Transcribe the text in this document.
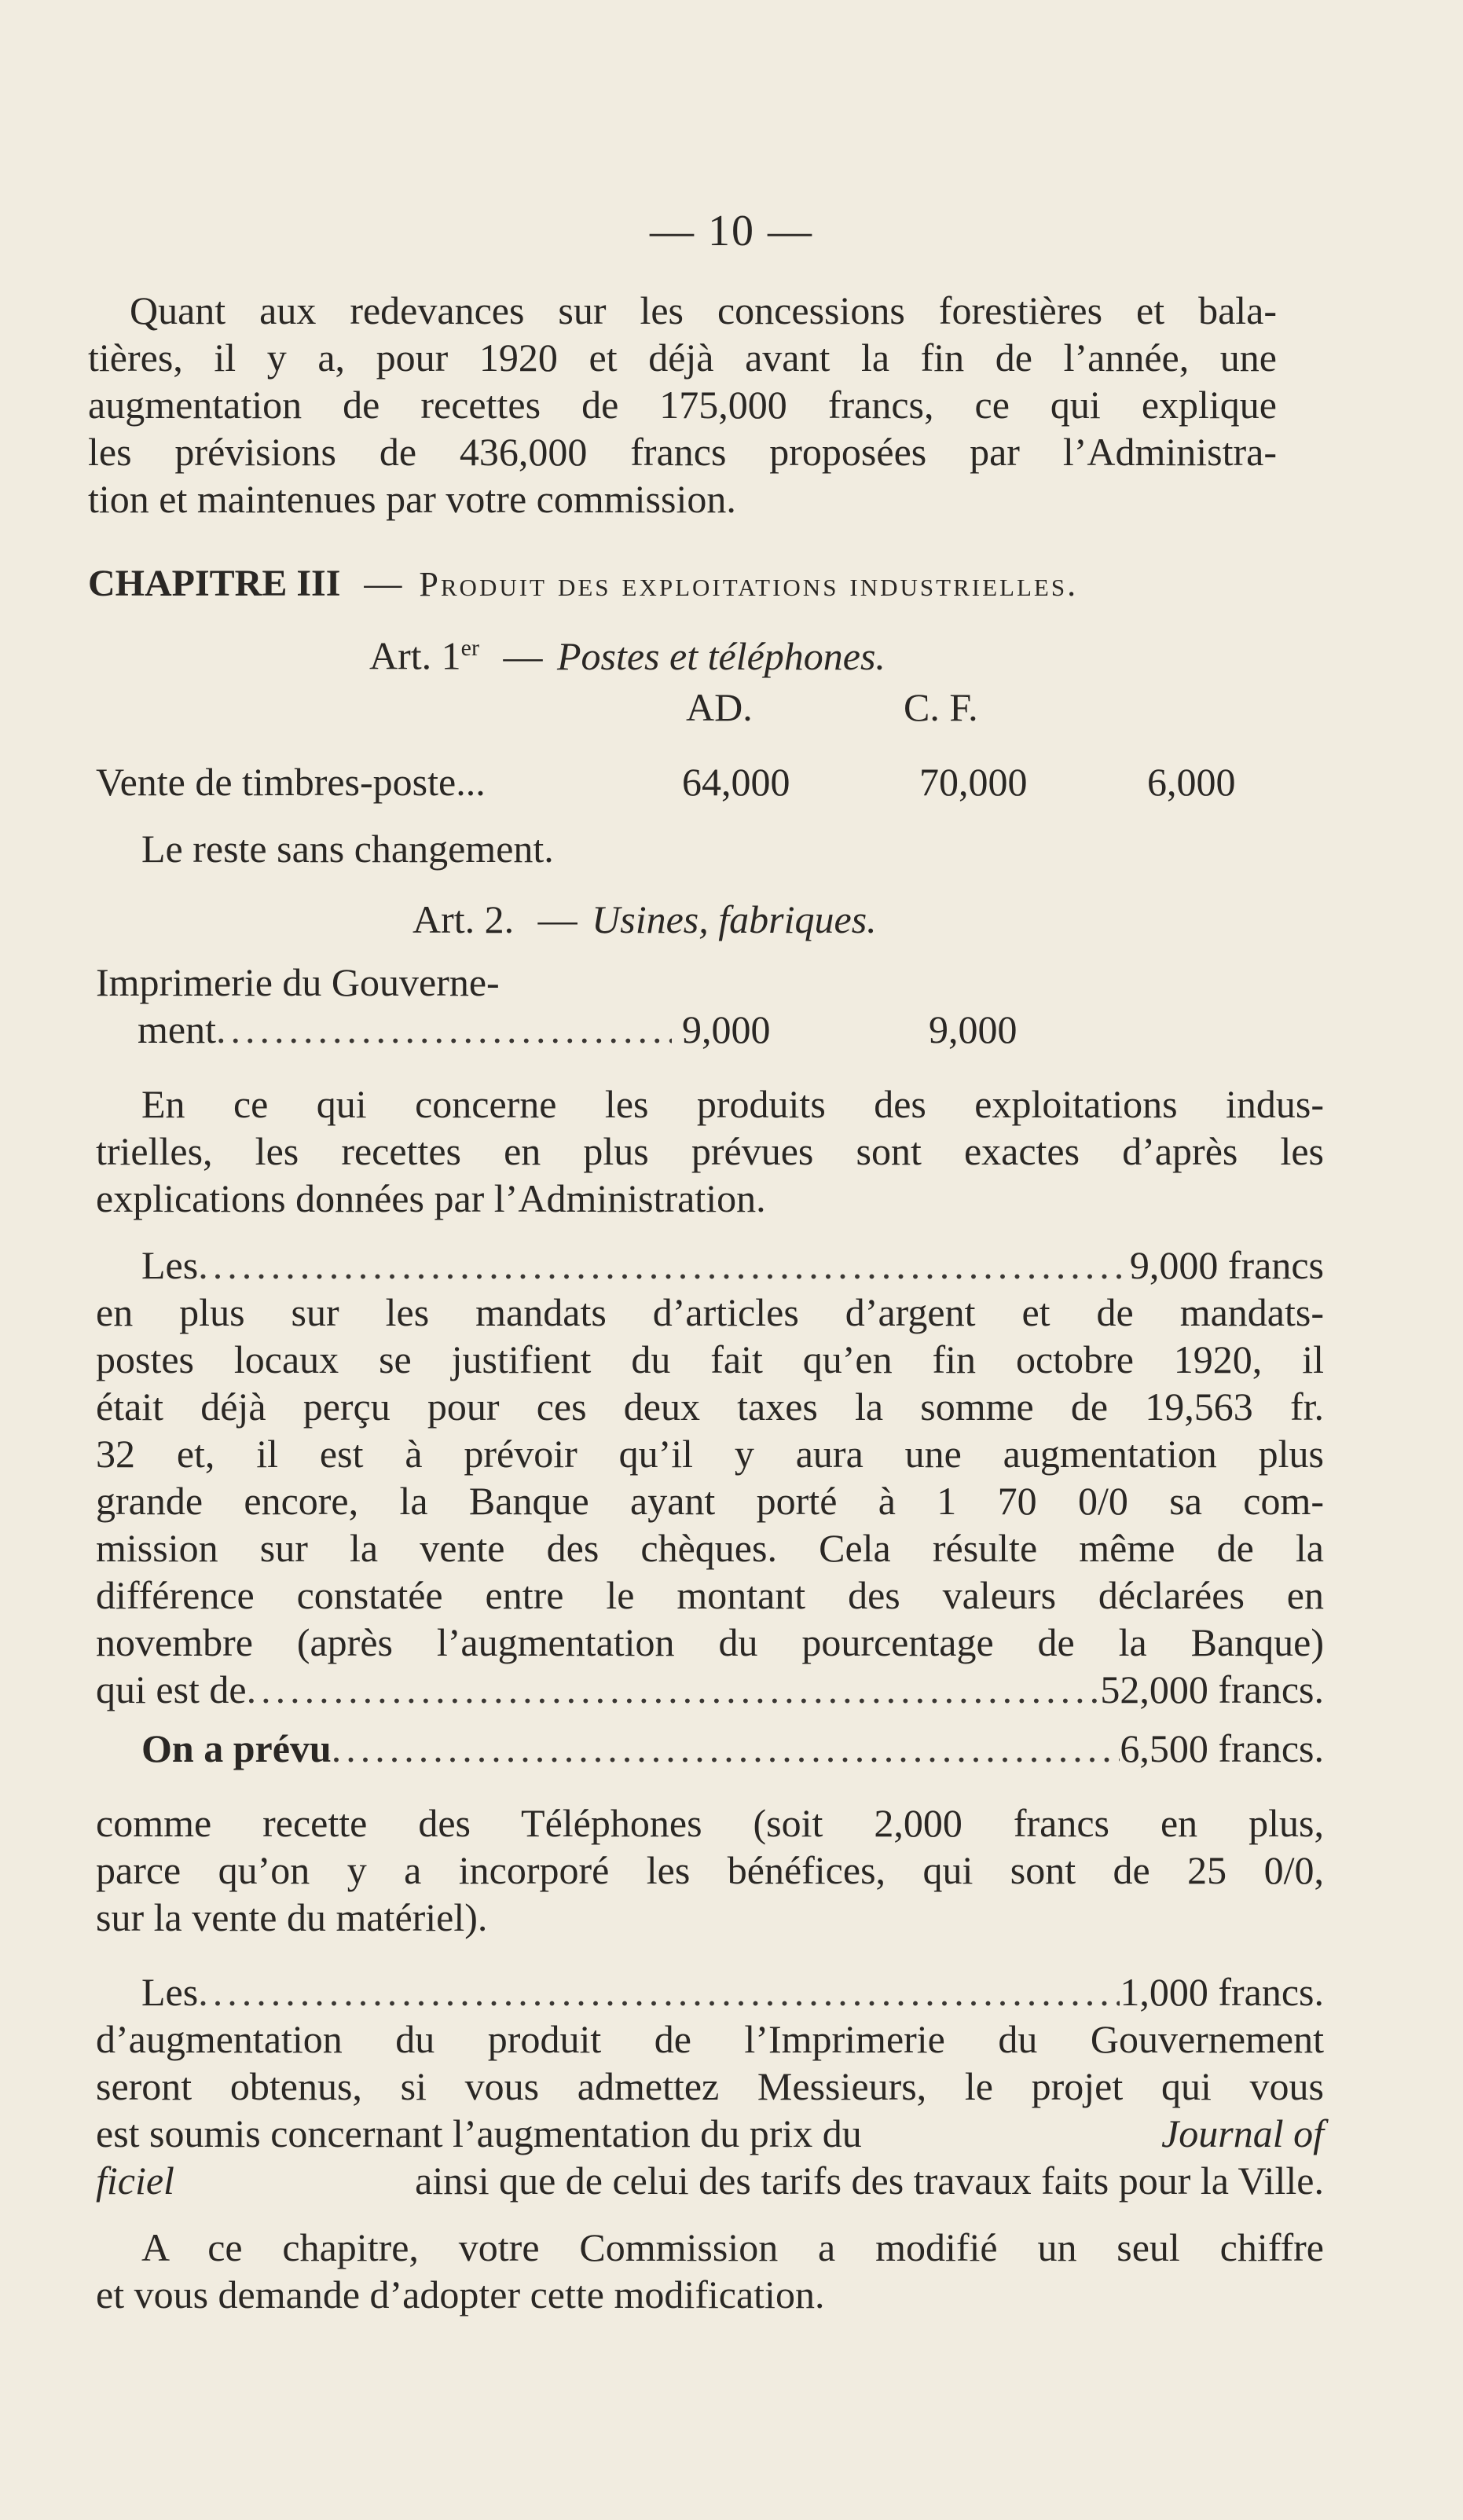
— 10 —
Quant aux redevances sur les concessions forestières et bala-
tières, il y a, pour 1920 et déjà avant la fin de l’année, une
augmentation de recettes de 175,000 francs, ce qui explique
les prévisions de 436,000 francs proposées par l’Administra-
tion et maintenues par votre commission.
CHAPITRE III — Produit des exploitations industrielles.
Art. 1er — Postes et téléphones.
AD.	C. F.
Vente de timbres-poste...	64,000	70,000	6,000
Le reste sans changement.
Art. 2. — Usines, fabriques.
Imprimerie du Gouverne-
ment .....	9,000	9,000
En ce qui concerne les produits des exploitations indus-
trielles, les recettes en plus prévues sont exactes d’après les
explications données par l’Administration.
Les .....	9,000 francs
en plus sur les mandats d’articles d’argent et de mandats-
postes locaux se justifient du fait qu’en fin octobre 1920, il
était déjà perçu pour ces deux taxes la somme de 19,563 fr.
32 et, il est à prévoir qu’il y aura une augmentation plus
grande encore, la Banque ayant porté à 1 70 0/0 sa com-
mission sur la vente des chèques. Cela résulte même de la
différence constatée entre le montant des valeurs déclarées en
novembre (après l’augmentation du pourcentage de la Banque)
qui est de .....	52,000 francs.
On a prévu .....	6,500 francs.
comme recette des Téléphones (soit 2,000 francs en plus,
parce qu’on y a incorporé les bénéfices, qui sont de 25 0/0,
sur la vente du matériel).
Les .....	1,000 francs.
d’augmentation du produit de l’Imprimerie du Gouvernement
seront obtenus, si vous admettez Messieurs, le projet qui vous
est soumis concernant l’augmentation du prix du	Journal of
ficiel	ainsi que de celui des tarifs des travaux faits pour la Ville.
A ce chapitre, votre Commission a modifié un seul chiffre
et vous demande d’adopter cette modification.
